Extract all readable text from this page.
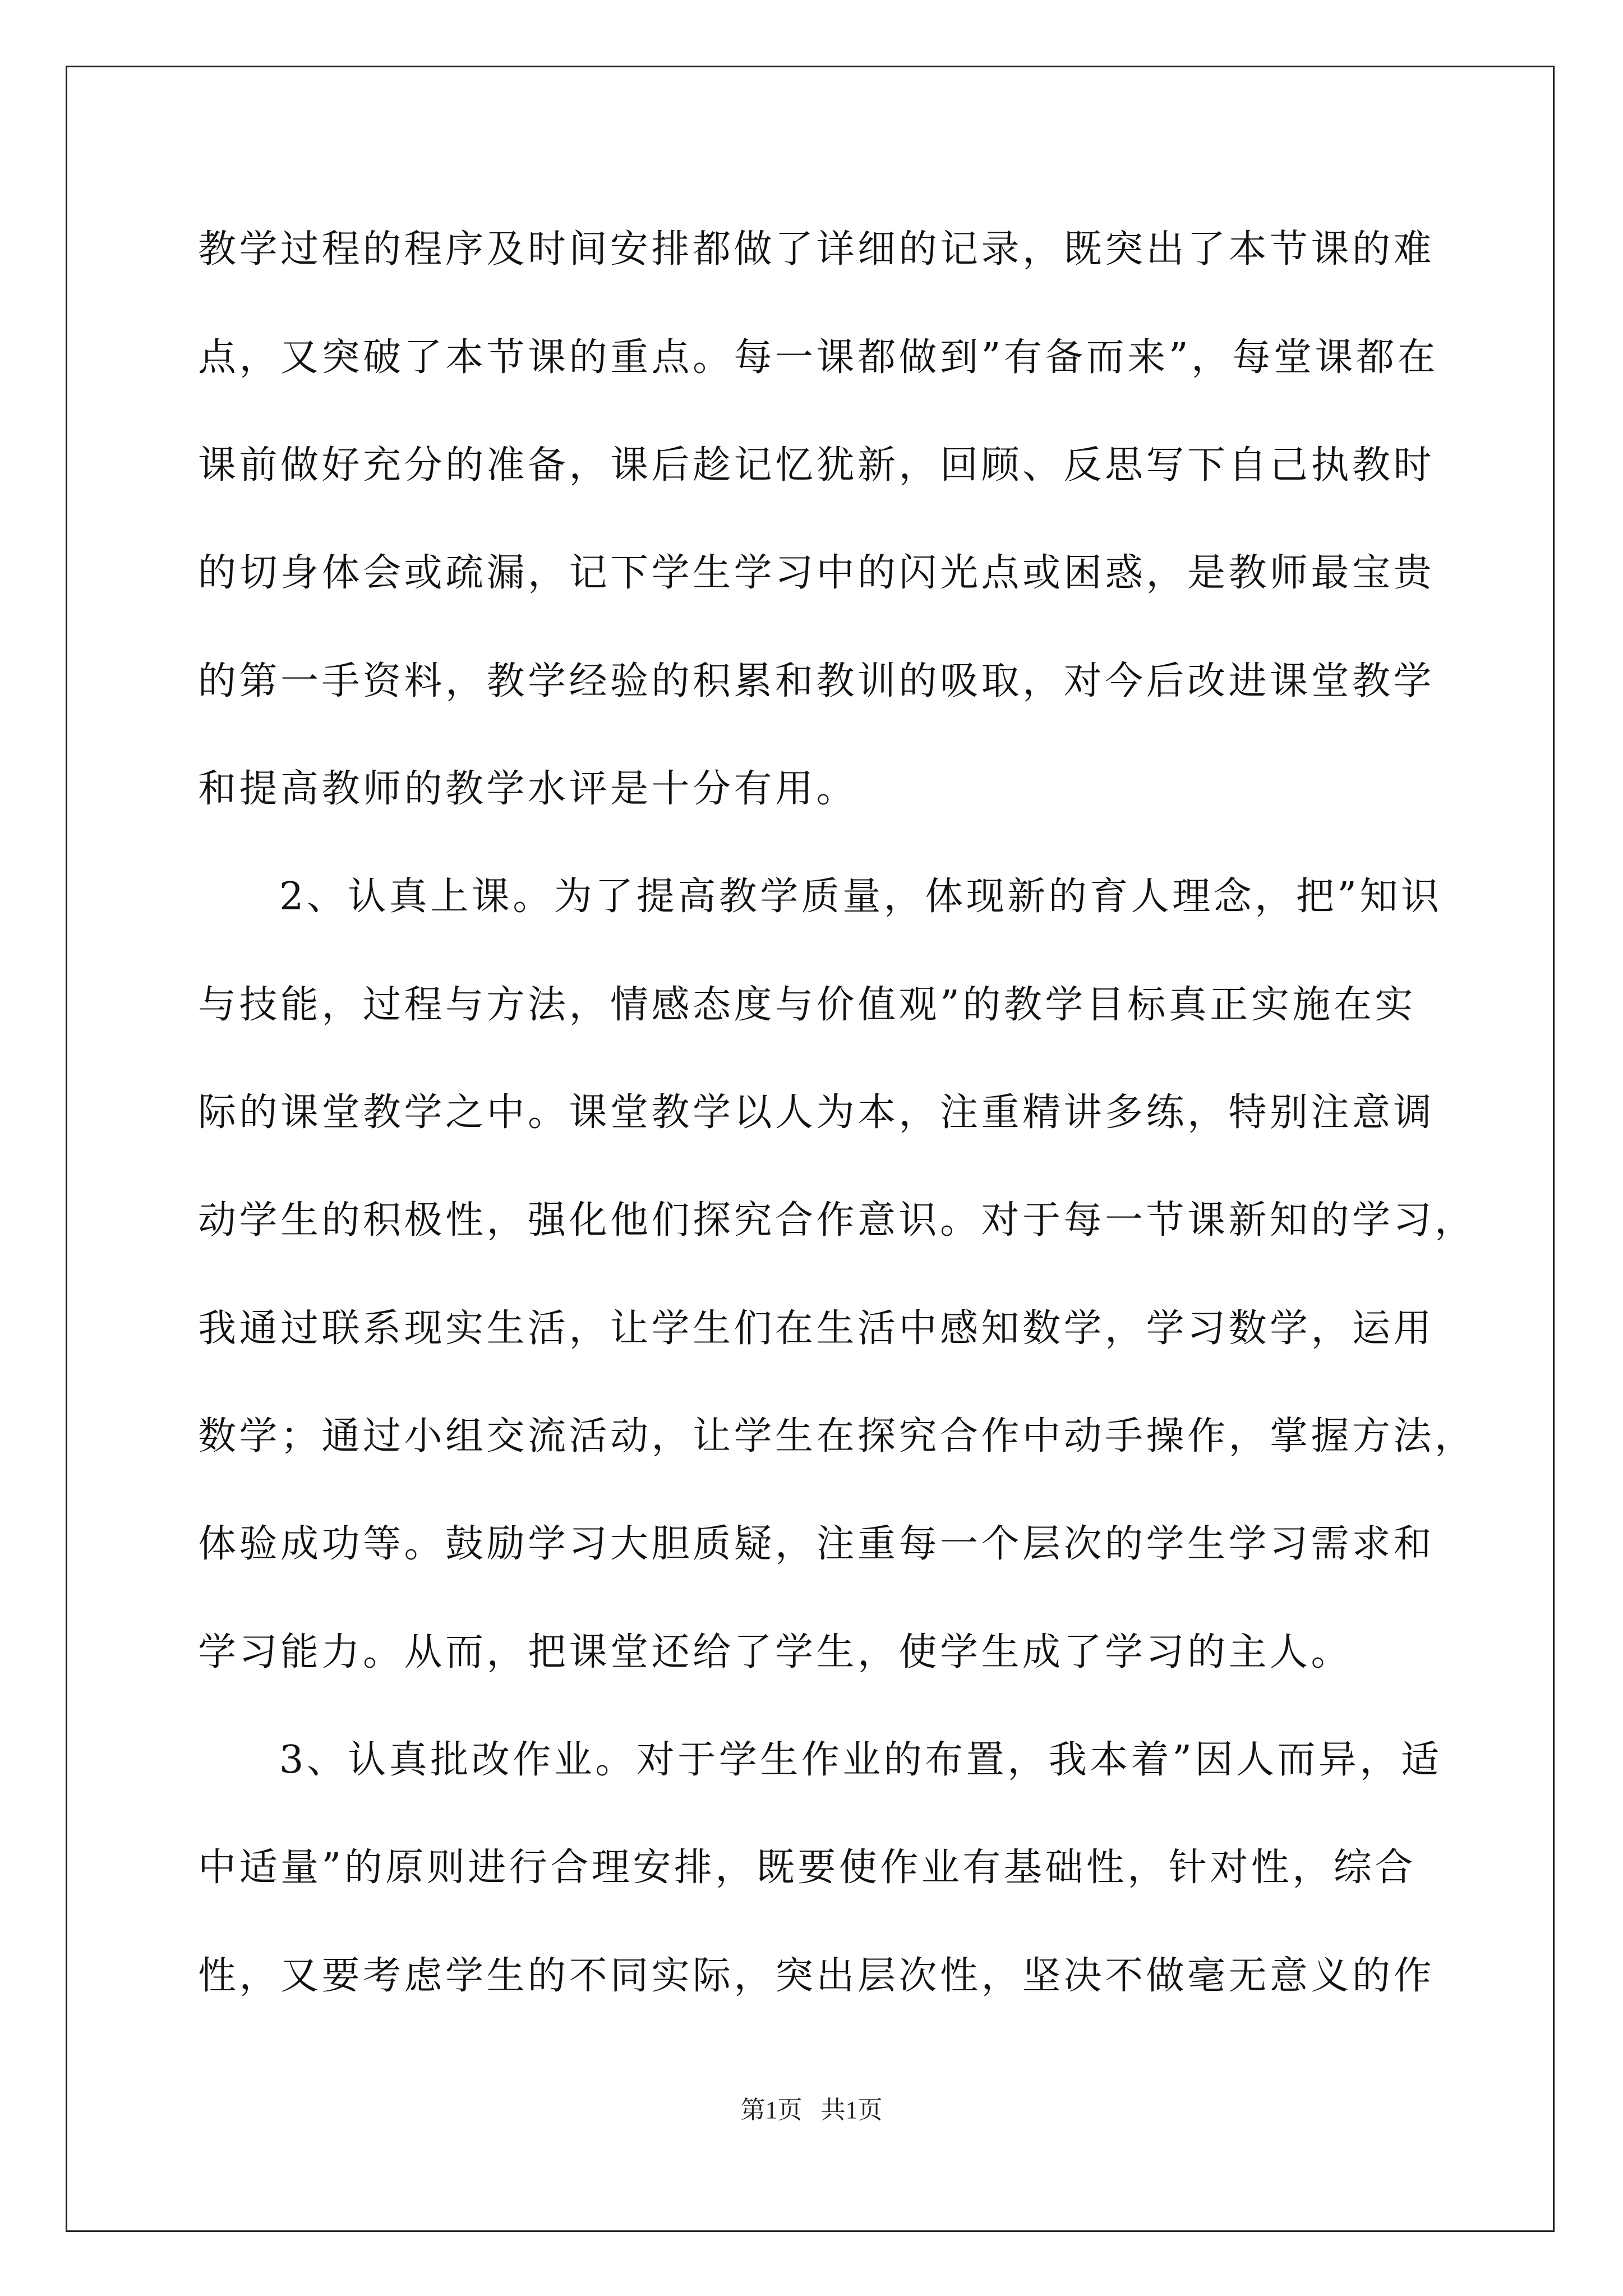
教学过程的程序及时间安排都做了详细的记录，既突出了本节课的难
点，又突破了本节课的重点。每一课都做到”有备而来”，每堂课都在
课前做好充分的准备，课后趁记忆犹新，回顾、反思写下自己执教时
的切身体会或疏漏，记下学生学习中的闪光点或困惑，是教师最宝贵
的第一手资料，教学经验的积累和教训的吸取，对今后改进课堂教学
和提高教师的教学水评是十分有用。
2、认真上课。为了提高教学质量，体现新的育人理念，把”知识
与技能，过程与方法，情感态度与价值观”的教学目标真正实施在实
际的课堂教学之中。课堂教学以人为本，注重精讲多练，特别注意调
动学生的积极性，强化他们探究合作意识。对于每一节课新知的学习，
我通过联系现实生活，让学生们在生活中感知数学，学习数学，运用
数学；通过小组交流活动，让学生在探究合作中动手操作，掌握方法，
体验成功等。鼓励学习大胆质疑，注重每一个层次的学生学习需求和
学习能力。从而，把课堂还给了学生，使学生成了学习的主人。
3、认真批改作业。对于学生作业的布置，我本着”因人而异，适
中适量”的原则进行合理安排，既要使作业有基础性，针对性，综合
性，又要考虑学生的不同实际，突出层次性，坚决不做毫无意义的作
第1页   共1页
